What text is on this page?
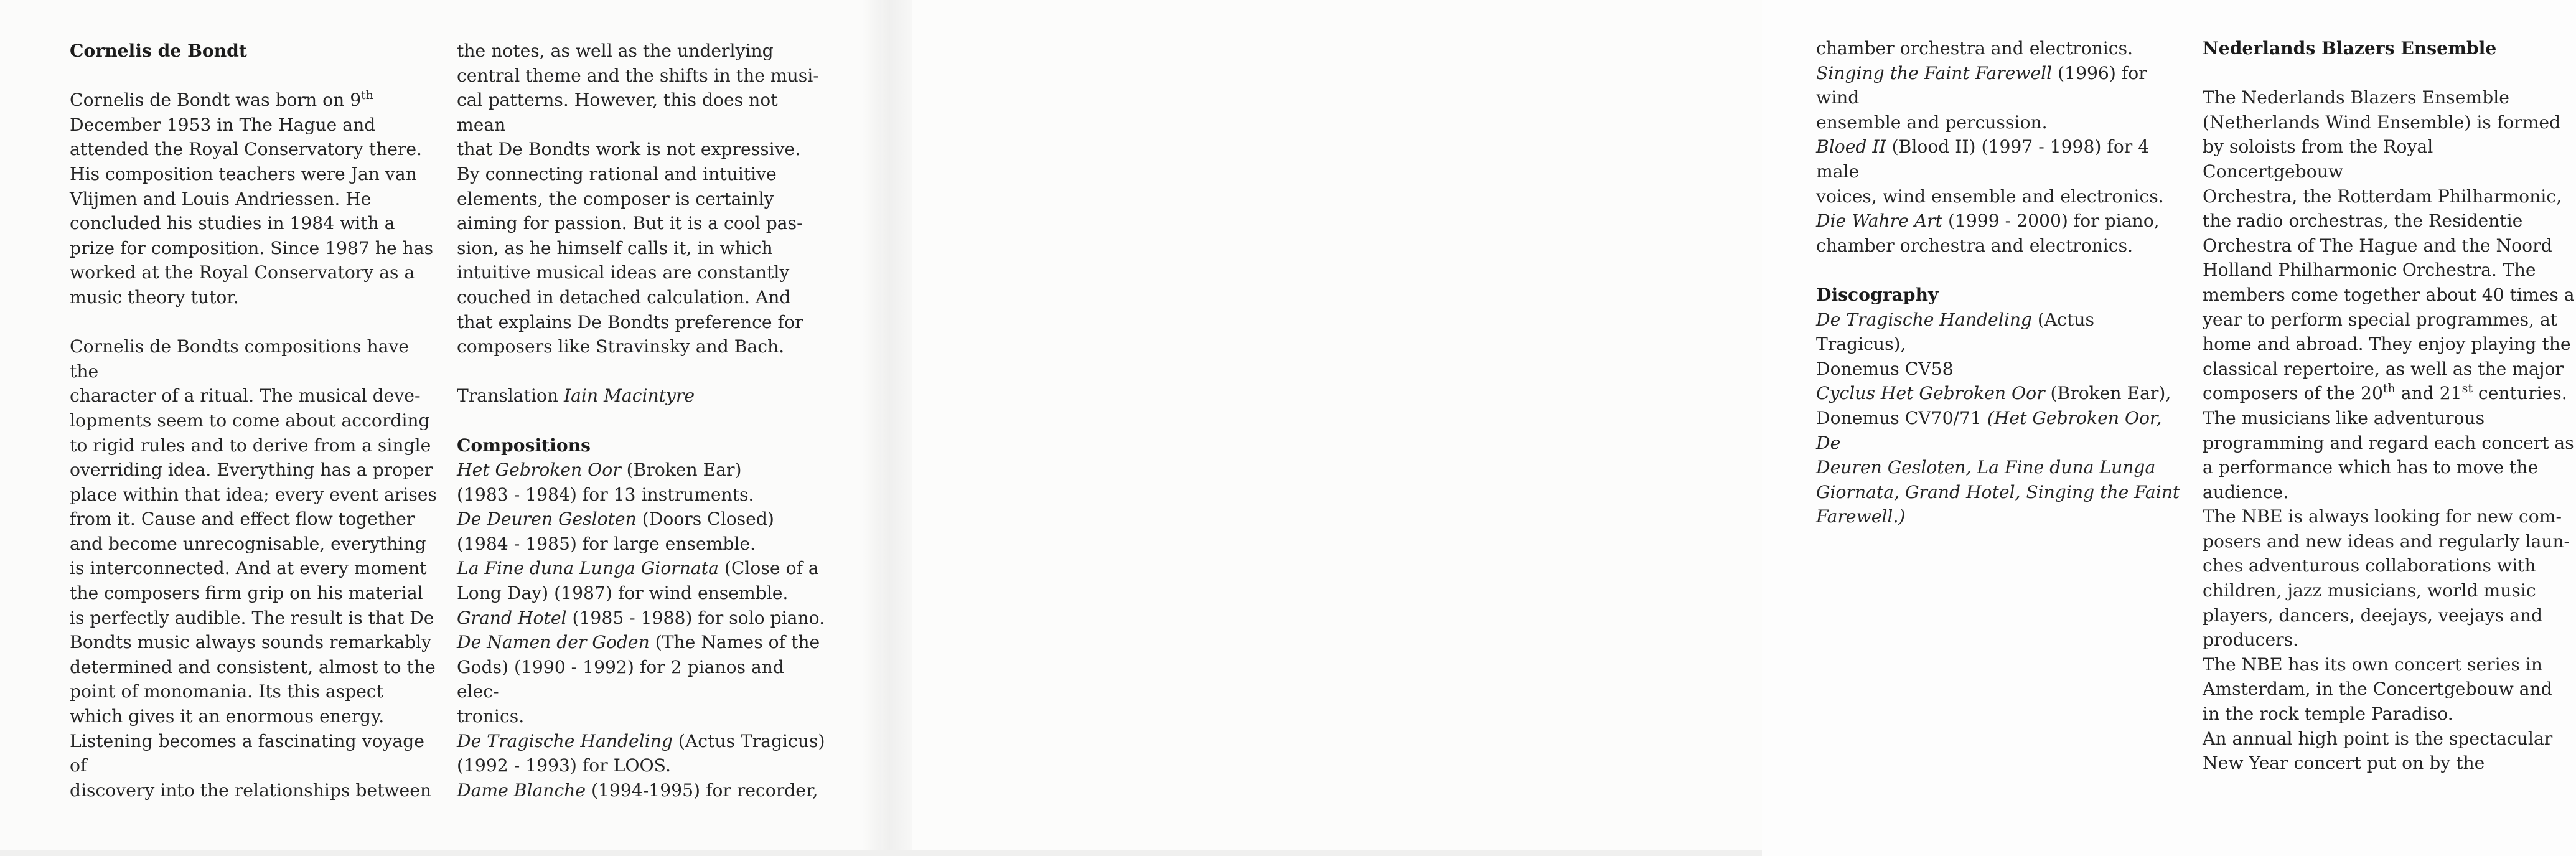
Cornelis de Bondt

Cornelis de Bondt was born on 9th

December 1953 in The Hague and

attended the Royal Conservatory there.

His composition teachers were Jan van

Vlijmen and Louis Andriessen. He

concluded his studies in 1984 with a

prize for composition. Since 1987 he has

worked at the Royal Conservatory as a

music theory tutor.

Cornelis de Bondts compositions have the

character of a ritual. The musical deve-

lopments seem to come about according

to rigid rules and to derive from a single

overriding idea. Everything has a proper

place within that idea; every event arises

from it. Cause and effect flow together

and become unrecognisable, everything

is interconnected. And at every moment

the composers firm grip on his material

is perfectly audible. The result is that De

Bondts music always sounds remarkably

determined and consistent, almost to the

point of monomania. Its this aspect

which gives it an enormous energy.

Listening becomes a fascinating voyage of

discovery into the relationships between

the notes, as well as the underlying

central theme and the shifts in the musi-

cal patterns. However, this does not mean

that De Bondts work is not expressive.

By connecting rational and intuitive

elements, the composer is certainly

aiming for passion. But it is a cool pas-

sion, as he himself calls it, in which

intuitive musical ideas are constantly

couched in detached calculation. And

that explains De Bondts preference for

composers like Stravinsky and Bach.

Translation Iain Macintyre

Compositions

Het Gebroken Oor (Broken Ear)

(1983 - 1984) for 13 instruments.

De Deuren Gesloten (Doors Closed)

(1984 - 1985) for large ensemble.

La Fine duna Lunga Giornata (Close of a

Long Day) (1987) for wind ensemble.

Grand Hotel (1985 - 1988) for solo piano.

De Namen der Goden (The Names of the

Gods) (1990 - 1992) for 2 pianos and elec-

tronics.

De Tragische Handeling (Actus Tragicus)

(1992 - 1993) for LOOS.

Dame Blanche (1994-1995) for recorder,

chamber orchestra and electronics.

Singing the Faint Farewell (1996) for wind

ensemble and percussion.

Bloed II (Blood II) (1997 - 1998) for 4 male

voices, wind ensemble and electronics.

Die Wahre Art (1999 - 2000) for piano,

chamber orchestra and electronics.

Discography

De Tragische Handeling (Actus Tragicus),

Donemus CV58

Cyclus Het Gebroken Oor (Broken Ear),

Donemus CV70/71 (Het Gebroken Oor, De

Deuren Gesloten, La Fine duna Lunga

Giornata, Grand Hotel, Singing the Faint

Farewell.)

Nederlands Blazers Ensemble

The Nederlands Blazers Ensemble

(Netherlands Wind Ensemble) is formed

by soloists from the Royal Concertgebouw

Orchestra, the Rotterdam Philharmonic,

the radio orchestras, the Residentie

Orchestra of The Hague and the Noord

Holland Philharmonic Orchestra. The

members come together about 40 times a

year to perform special programmes, at

home and abroad. They enjoy playing the

classical repertoire, as well as the major

composers of the 20th and 21st centuries.

The musicians like adventurous

programming and regard each concert as

a performance which has to move the

audience.

The NBE is always looking for new com-

posers and new ideas and regularly laun-

ches adventurous collaborations with

children, jazz musicians, world music

players, dancers, deejays, veejays and

producers.

The NBE has its own concert series in

Amsterdam, in the Concertgebouw and

in the rock temple Paradiso.

An annual high point is the spectacular

New Year concert put on by the
